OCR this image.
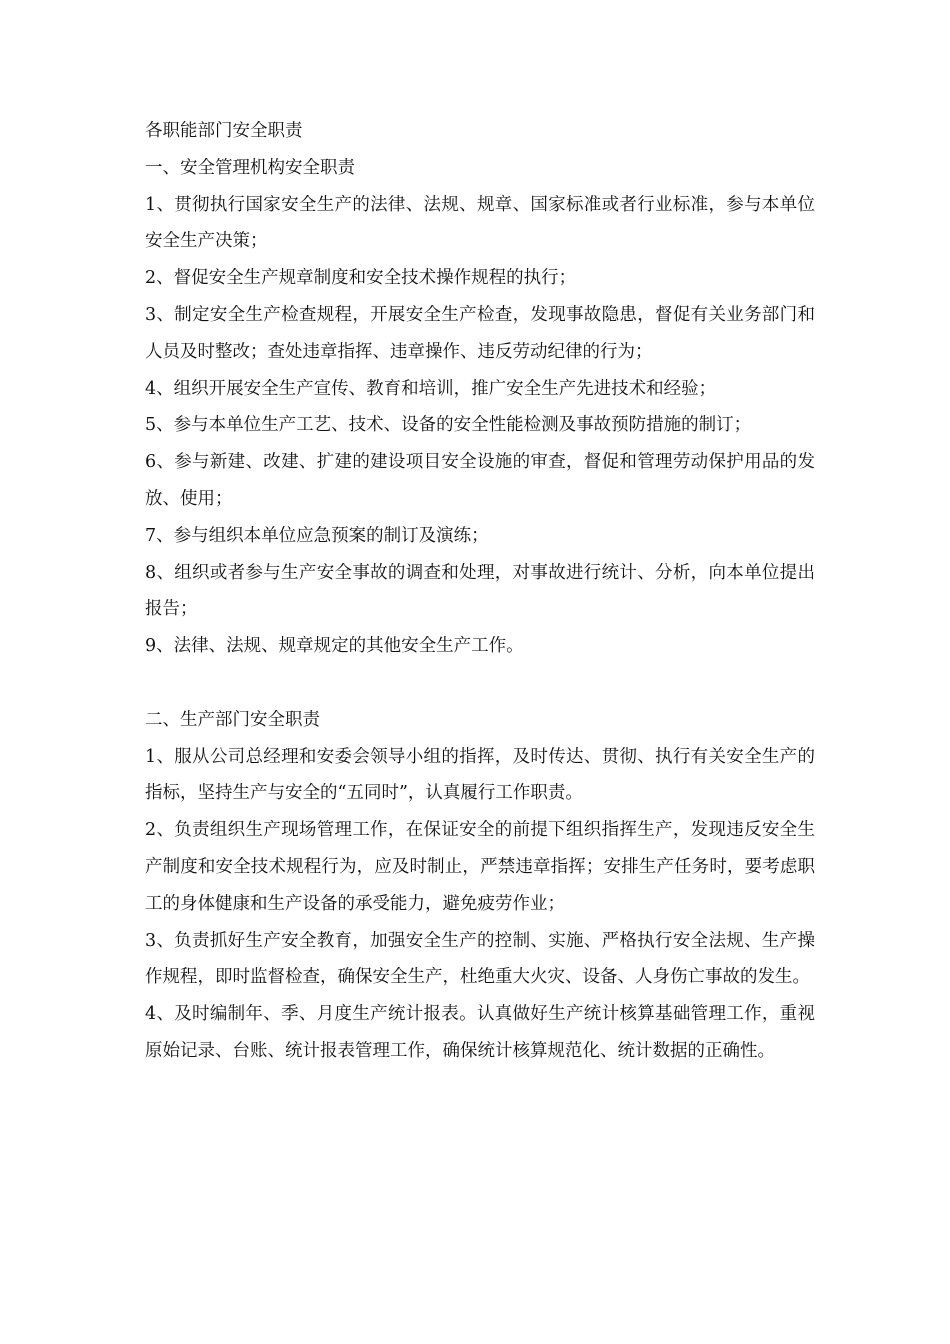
各职能部门安全职责

一、安全管理机构安全职责

1、贯彻执行国家安全生产的法律、法规、规章、国家标准或者行业标准，参与本单位安全生产决策；

2、督促安全生产规章制度和安全技术操作规程的执行；

3、制定安全生产检查规程，开展安全生产检查，发现事故隐患，督促有关业务部门和人员及时整改；查处违章指挥、违章操作、违反劳动纪律的行为；

4、组织开展安全生产宣传、教育和培训，推广安全生产先进技术和经验；

5、参与本单位生产工艺、技术、设备的安全性能检测及事故预防措施的制订；

6、参与新建、改建、扩建的建设项目安全设施的审查，督促和管理劳动保护用品的发放、使用；

7、参与组织本单位应急预案的制订及演练；

8、组织或者参与生产安全事故的调查和处理，对事故进行统计、分析，向本单位提出报告；

9、法律、法规、规章规定的其他安全生产工作。

二、生产部门安全职责

1、服从公司总经理和安委会领导小组的指挥，及时传达、贯彻、执行有关安全生产的指标，坚持生产与安全的“五同时”，认真履行工作职责。

2、负责组织生产现场管理工作，在保证安全的前提下组织指挥生产，发现违反安全生产制度和安全技术规程行为，应及时制止，严禁违章指挥；安排生产任务时，要考虑职工的身体健康和生产设备的承受能力，避免疲劳作业；

3、负责抓好生产安全教育，加强安全生产的控制、实施、严格执行安全法规、生产操作规程，即时监督检查，确保安全生产，杜绝重大火灾、设备、人身伤亡事故的发生。

4、及时编制年、季、月度生产统计报表。认真做好生产统计核算基础管理工作，重视原始记录、台账、统计报表管理工作，确保统计核算规范化、统计数据的正确性。
